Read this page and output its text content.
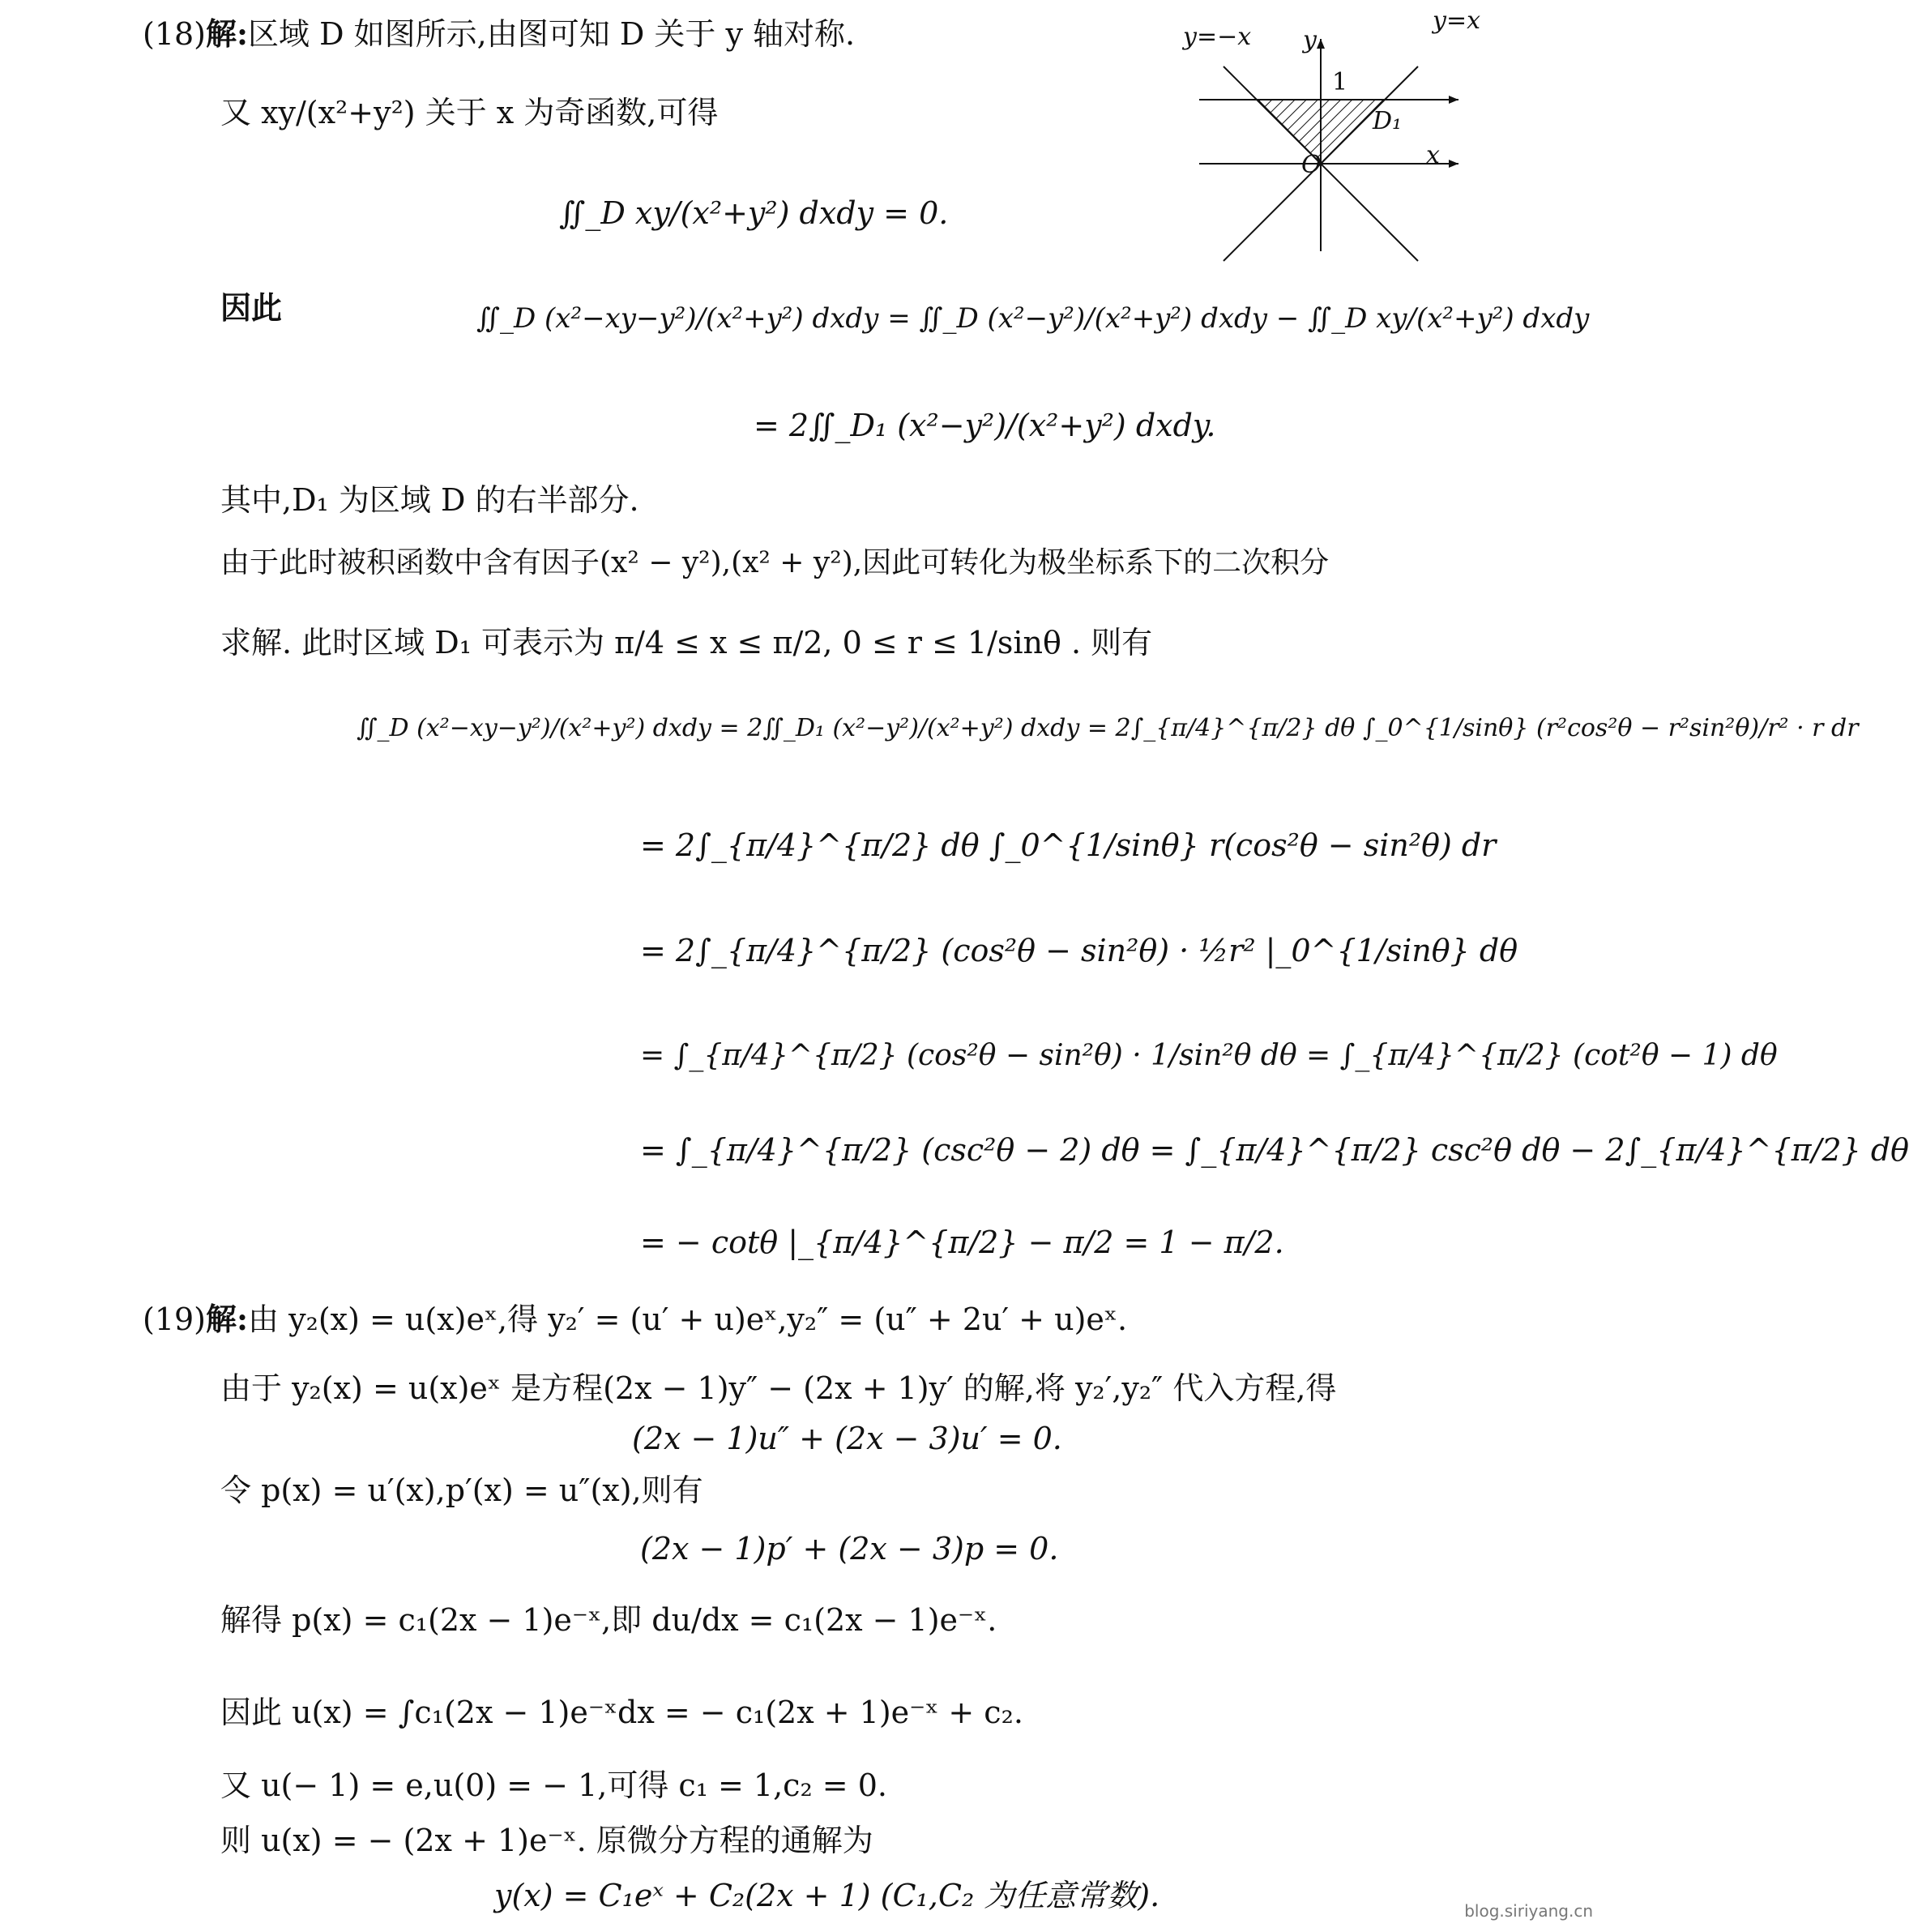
y=−x
y=x
y
1
D₁
O	x
(18)解:区域 D 如图所示,由图可知 D 关于 y 轴对称.
又 xy/(x²+y²) 关于 x 为奇函数,可得
∬_D xy/(x²+y²) dxdy = 0.
因此	∬_D (x²−xy−y²)/(x²+y²) dxdy = ∬_D (x²−y²)/(x²+y²) dxdy − ∬_D xy/(x²+y²) dxdy
= 2∬_D₁ (x²−y²)/(x²+y²) dxdy.
其中,D₁ 为区域 D 的右半部分.
由于此时被积函数中含有因子(x² − y²),(x² + y²),因此可转化为极坐标系下的二次积分
求解. 此时区域 D₁ 可表示为 π/4 ≤ x ≤ π/2, 0 ≤ r ≤ 1/sinθ . 则有
∬_D (x²−xy−y²)/(x²+y²) dxdy = 2∬_D₁ (x²−y²)/(x²+y²) dxdy = 2∫_{π/4}^{π/2} dθ ∫_0^{1/sinθ} (r²cos²θ − r²sin²θ)/r² · r dr
= 2∫_{π/4}^{π/2} dθ ∫_0^{1/sinθ} r(cos²θ − sin²θ) dr
= 2∫_{π/4}^{π/2} (cos²θ − sin²θ) · ½r² |_0^{1/sinθ} dθ
= ∫_{π/4}^{π/2} (cos²θ − sin²θ) · 1/sin²θ dθ = ∫_{π/4}^{π/2} (cot²θ − 1) dθ
= ∫_{π/4}^{π/2} (csc²θ − 2) dθ = ∫_{π/4}^{π/2} csc²θ dθ − 2∫_{π/4}^{π/2} dθ
= − cotθ |_{π/4}^{π/2} − π/2 = 1 − π/2.
(19)解:由 y₂(x) = u(x)eˣ,得 y₂′ = (u′ + u)eˣ,y₂″ = (u″ + 2u′ + u)eˣ.
由于 y₂(x) = u(x)eˣ 是方程(2x − 1)y″ − (2x + 1)y′ 的解,将 y₂′,y₂″ 代入方程,得
(2x − 1)u″ + (2x − 3)u′ = 0.
令 p(x) = u′(x),p′(x) = u″(x),则有
(2x − 1)p′ + (2x − 3)p = 0.
解得 p(x) = c₁(2x − 1)e⁻ˣ,即 du/dx = c₁(2x − 1)e⁻ˣ.
因此 u(x) = ∫c₁(2x − 1)e⁻ˣdx = − c₁(2x + 1)e⁻ˣ + c₂.
又 u(− 1) = e,u(0) = − 1,可得 c₁ = 1,c₂ = 0.
则 u(x) = − (2x + 1)e⁻ˣ. 原微分方程的通解为
y(x) = C₁eˣ + C₂(2x + 1) (C₁,C₂ 为任意常数).	blog.siriyang.cn
